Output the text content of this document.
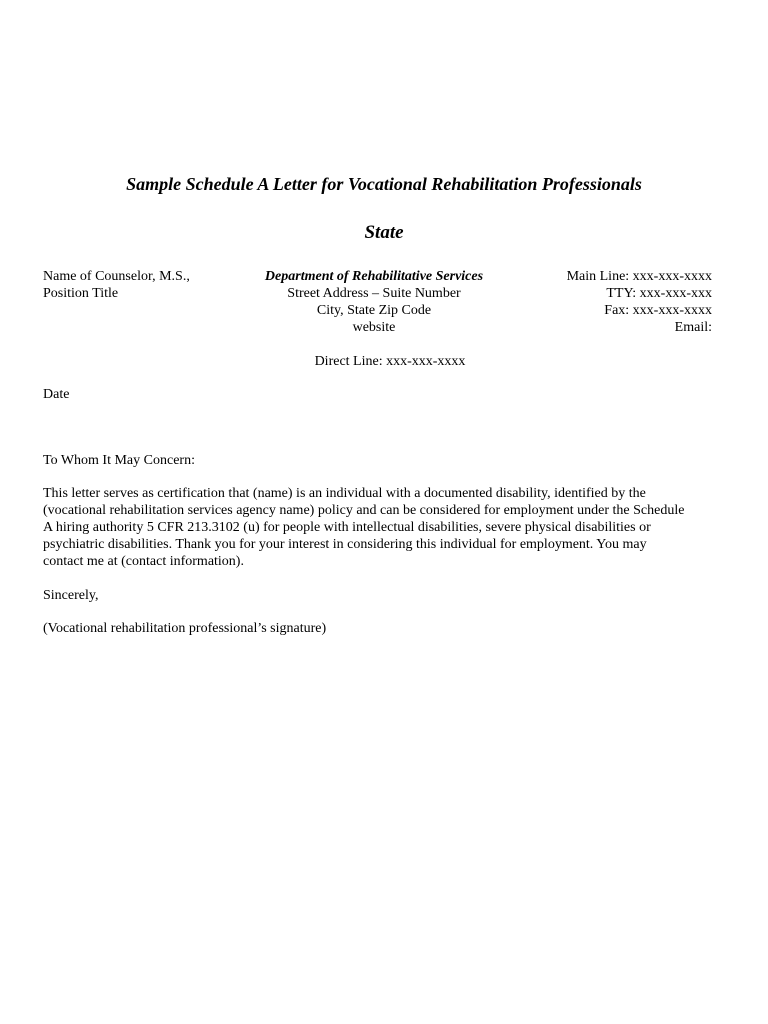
Sample Schedule A Letter for Vocational Rehabilitation Professionals
State
Name of Counselor, M.S.,
Position Title
Department of Rehabilitative Services
Street Address – Suite Number
City, State Zip Code
website
Main Line: xxx-xxx-xxxx
TTY: xxx-xxx-xxx
Fax: xxx-xxx-xxxx
Email:
Direct Line: xxx-xxx-xxxx
Date
To Whom It May Concern:
This letter serves as certification that (name) is an individual with a documented disability, identified by the
(vocational rehabilitation services agency name) policy and can be considered for employment under the Schedule
A hiring authority 5 CFR 213.3102 (u) for people with intellectual disabilities, severe physical disabilities or
psychiatric disabilities. Thank you for your interest in considering this individual for employment. You may
contact me at (contact information).
Sincerely,
(Vocational rehabilitation professional’s signature)
